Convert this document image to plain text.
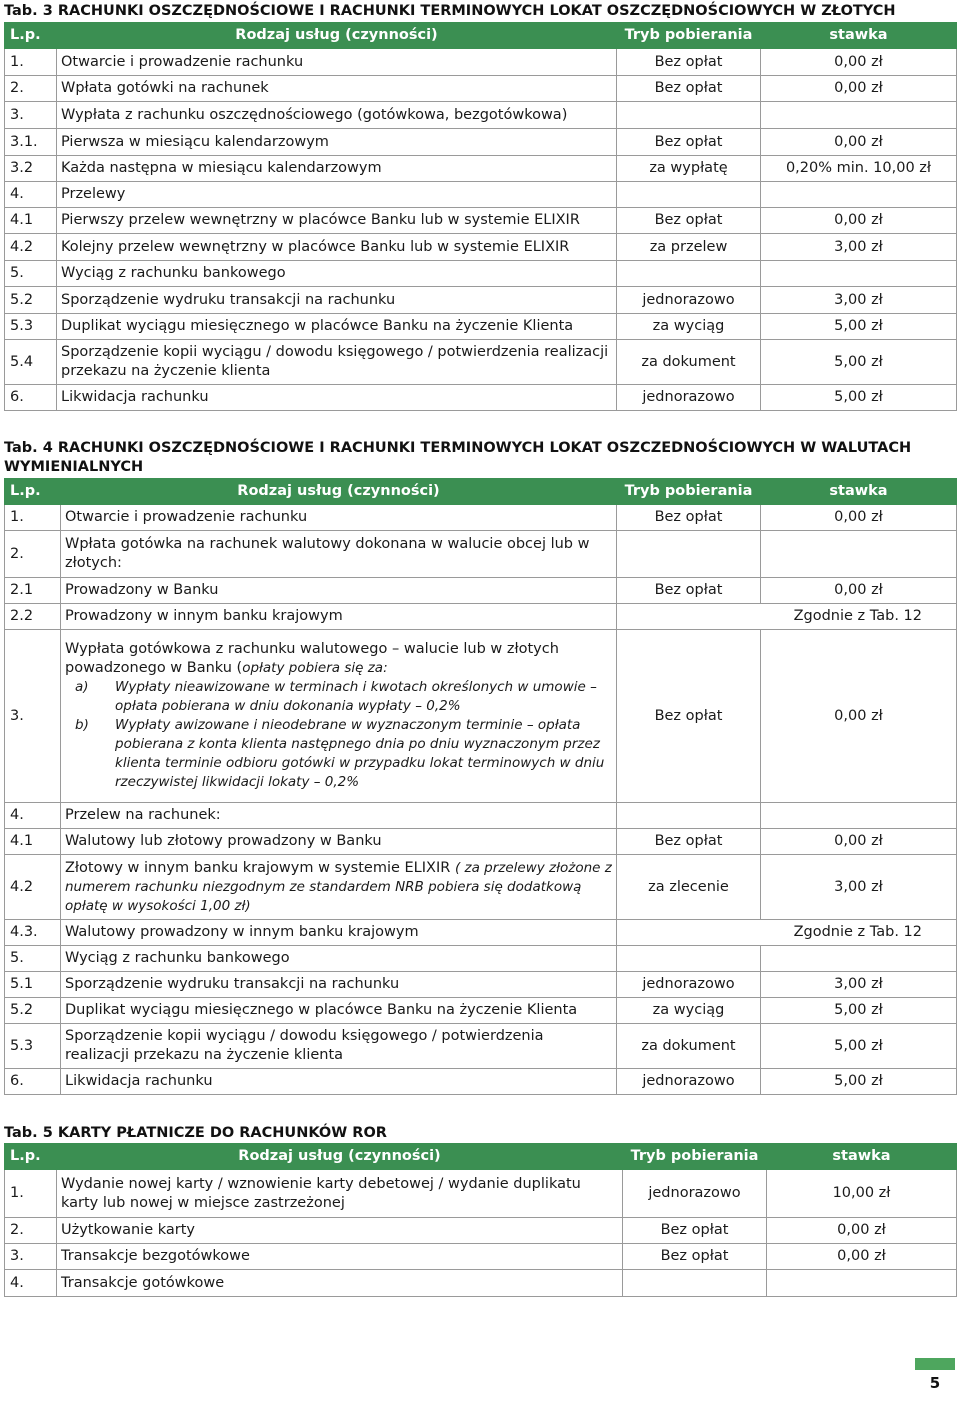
Tab. 3 RACHUNKI OSZCZĘDNOŚCIOWE I RACHUNKI TERMINOWYCH LOKAT OSZCZĘDNOŚCIOWYCH W ZŁOTYCH
L.p.	Rodzaj usług (czynności)	Tryb pobierania	stawka
1.	Otwarcie i prowadzenie rachunku	Bez opłat	0,00 zł
2.	Wpłata gotówki na rachunek	Bez opłat	0,00 zł
3.	Wypłata z rachunku oszczędnościowego (gotówkowa, bezgotówkowa)		
3.1.	Pierwsza w miesiącu kalendarzowym	Bez opłat	0,00 zł
3.2	Każda następna w miesiącu kalendarzowym	za wypłatę	0,20% min. 10,00 zł
4.	Przelewy		
4.1	Pierwszy przelew wewnętrzny w placówce Banku lub w systemie ELIXIR	Bez opłat	0,00 zł
4.2	Kolejny przelew wewnętrzny w placówce Banku lub w systemie ELIXIR	za przelew	3,00 zł
5.	Wyciąg z rachunku bankowego		
5.2	Sporządzenie wydruku transakcji na rachunku	jednorazowo	3,00 zł
5.3	Duplikat wyciągu miesięcznego w placówce Banku na życzenie Klienta	za wyciąg	5,00 zł
5.4	Sporządzenie kopii wyciągu / dowodu księgowego / potwierdzenia realizacji przekazu na życzenie klienta	za dokument	5,00 zł
6.	Likwidacja rachunku	jednorazowo	5,00 zł
Tab. 4 RACHUNKI OSZCZĘDNOŚCIOWE I RACHUNKI TERMINOWYCH LOKAT OSZCZEDNOŚCIOWYCH W WALUTACH WYMIENIALNYCH
L.p.	Rodzaj usług (czynności)	Tryb pobierania	stawka
1.	Otwarcie i prowadzenie rachunku	Bez opłat	0,00 zł
2.	Wpłata gotówka na rachunek walutowy dokonana w walucie obcej lub w złotych:		
2.1	Prowadzony w Banku	Bez opłat	0,00 zł
2.2	Prowadzony w innym banku krajowym	Zgodnie z Tab. 12	
3.	Wypłata gotówkowa z rachunku walutowego – walucie lub w złotych powadzonego w Banku (opłaty pobiera się za:
a) Wypłaty nieawizowane w terminach i kwotach określonych w umowie – opłata pobierana w dniu dokonania wypłaty – 0,2%
b) Wypłaty awizowane i nieodebrane w wyznaczonym terminie – opłata pobierana z konta klienta następnego dnia po dniu wyznaczonym przez klienta terminie odbioru gotówki w przypadku lokat terminowych w dniu rzeczywistej likwidacji lokaty – 0,2%	Bez opłat	0,00 zł
4.	Przelew na rachunek:		
4.1	Walutowy lub złotowy prowadzony w Banku	Bez opłat	0,00 zł
4.2	Złotowy w innym banku krajowym w systemie ELIXIR ( za przelewy złożone z numerem rachunku niezgodnym ze standardem NRB pobiera się dodatkową opłatę w wysokości 1,00 zł)	za zlecenie	3,00 zł
4.3.	Walutowy prowadzony w innym banku krajowym	Zgodnie z Tab. 12	
5.	Wyciąg z rachunku bankowego		
5.1	Sporządzenie wydruku transakcji na rachunku	jednorazowo	3,00 zł
5.2	Duplikat wyciągu miesięcznego w placówce Banku na życzenie Klienta	za wyciąg	5,00 zł
5.3	Sporządzenie kopii wyciągu / dowodu księgowego / potwierdzenia realizacji przekazu na życzenie klienta	za dokument	5,00 zł
6.	Likwidacja rachunku	jednorazowo	5,00 zł
Tab. 5 KARTY PŁATNICZE DO RACHUNKÓW ROR
L.p.	Rodzaj usług (czynności)	Tryb pobierania	stawka
1.	Wydanie nowej karty / wznowienie karty debetowej / wydanie duplikatu karty lub nowej w miejsce zastrzeżonej	jednorazowo	10,00 zł
2.	Użytkowanie karty	Bez opłat	0,00 zł
3.	Transakcje bezgotówkowe	Bez opłat	0,00 zł
4.	Transakcje gotówkowe		
5
